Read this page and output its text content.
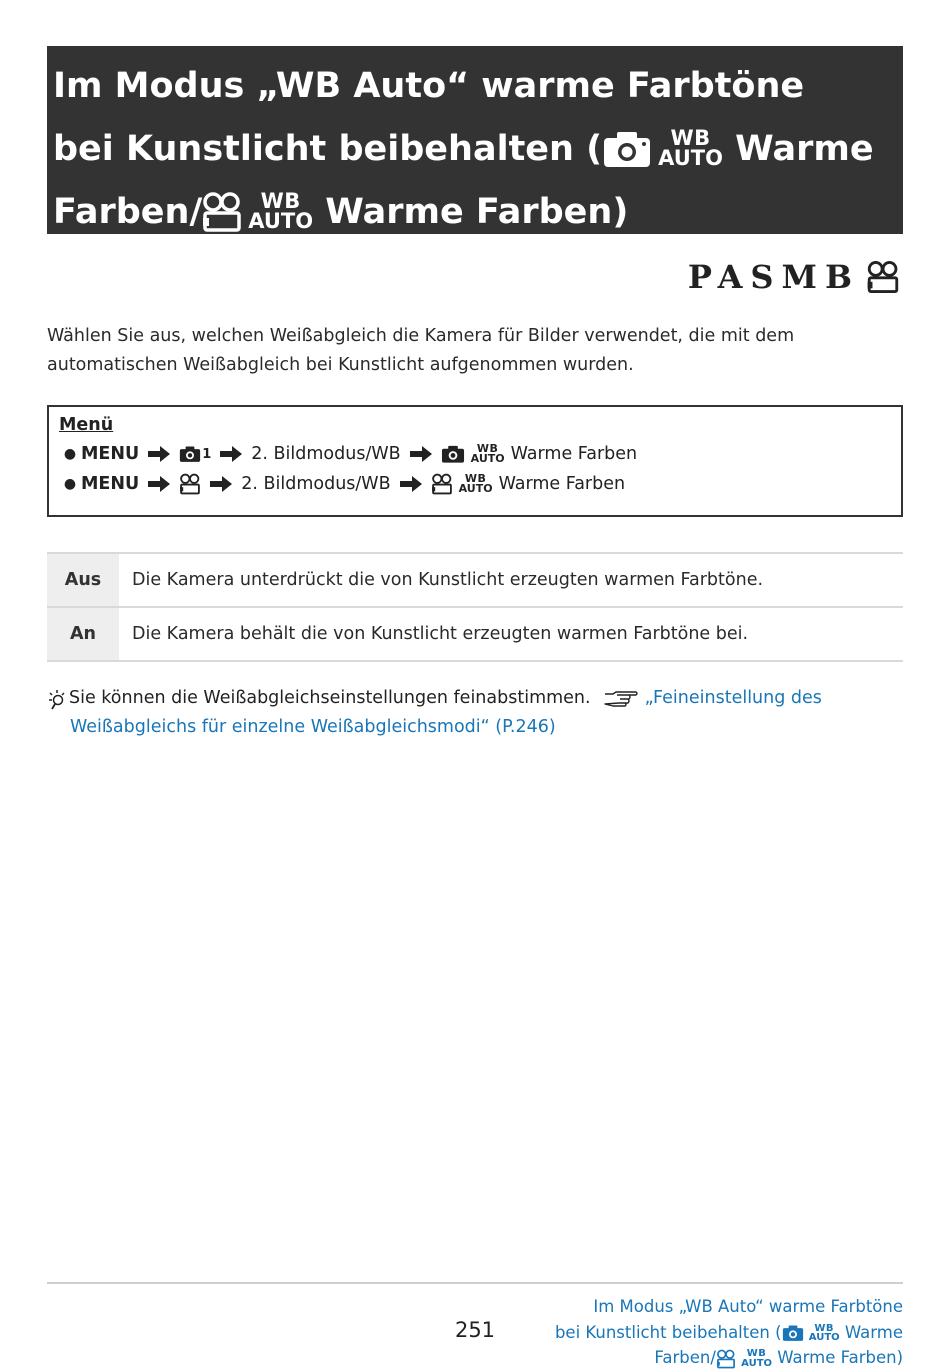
Im Modus „WB Auto“ warme Farbtöne
bei Kunstlicht beibehalten (	WB
AUTO Warme
Farben/	WB
AUTO Warme Farben)
PASMB
Wählen Sie aus, welchen Weißabgleich die Kamera für Bilder verwendet, die mit dem automatischen Weißabgleich bei Kunstlicht aufgenommen wurden.
Menü
● MENU	1 2. Bildmodus/WB	WB
AUTO Warme Farben
● MENU	2. Bildmodus/WB	WB
AUTO Warme Farben
Aus	Die Kamera unterdrückt die von Kunstlicht erzeugten warmen Farbtöne.
An	Die Kamera behält die von Kunstlicht erzeugten warmen Farbtöne bei.
Sie können die Weißabgleichseinstellungen feinabstimmen.	„Feineinstellung des
Weißabgleichs für einzelne Weißabgleichsmodi“ (P.246)
251
Im Modus „WB Auto“ warme Farbtöne
bei Kunstlicht beibehalten (	WB
AUTO Warme
Farben/	WB
AUTO Warme Farben)
